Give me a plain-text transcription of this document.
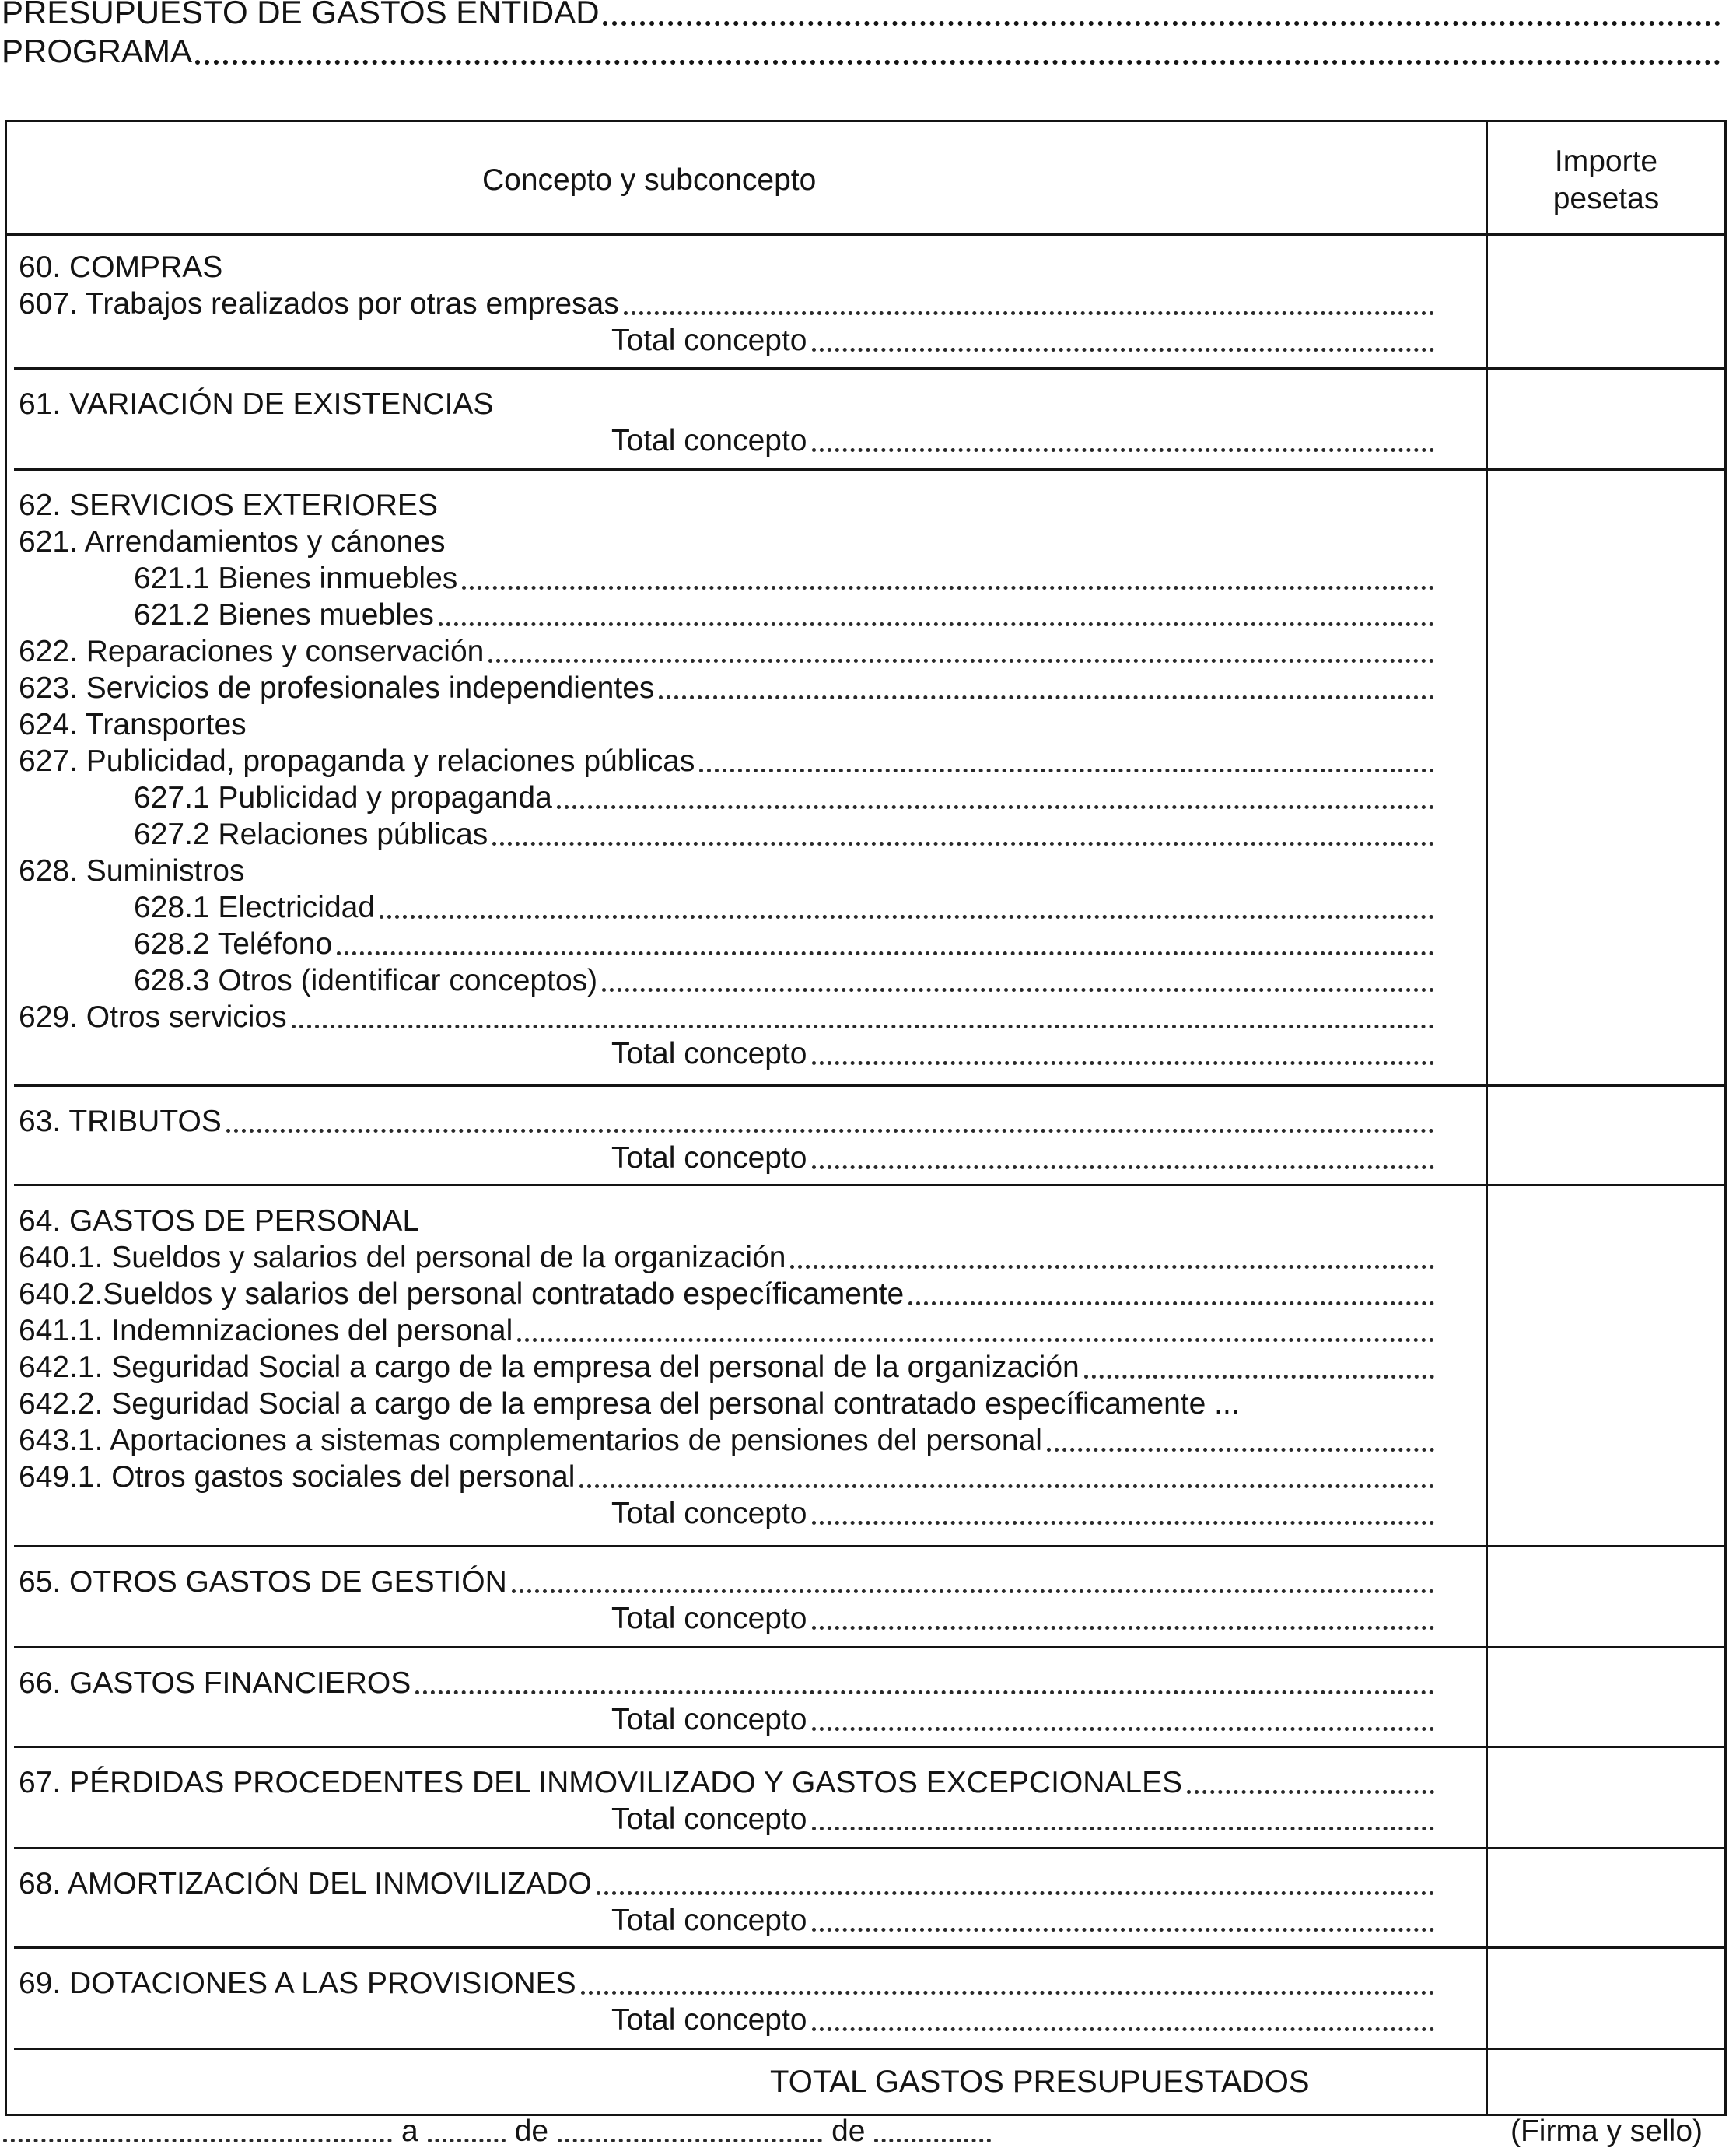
PRESUPUESTO DE GASTOS ENTIDAD
PROGRAMA
Concepto y subconcepto
Importe
pesetas
60. COMPRAS
607. Trabajos realizados por otras empresas
Total concepto
61. VARIACIÓN DE EXISTENCIAS
Total concepto
62. SERVICIOS EXTERIORES
621. Arrendamientos y cánones
621.1 Bienes inmuebles
621.2 Bienes muebles
622. Reparaciones y conservación
623. Servicios de profesionales independientes
624. Transportes
627. Publicidad, propaganda y relaciones públicas
627.1 Publicidad y propaganda
627.2 Relaciones públicas
628. Suministros
628.1 Electricidad
628.2 Teléfono
628.3 Otros (identificar conceptos)
629. Otros servicios
Total concepto
63. TRIBUTOS
Total concepto
64. GASTOS DE PERSONAL
640.1. Sueldos y salarios del personal de la organización
640.2.Sueldos y salarios del personal contratado específicamente
641.1. Indemnizaciones del personal
642.1. Seguridad Social a cargo de la empresa del personal de la organización
642.2. Seguridad Social a cargo de la empresa del personal contratado específicamente ...
643.1. Aportaciones a sistemas complementarios de pensiones del personal
649.1. Otros gastos sociales del personal
Total concepto
65. OTROS GASTOS DE GESTIÓN
Total concepto
66. GASTOS FINANCIEROS
Total concepto
67. PÉRDIDAS PROCEDENTES DEL INMOVILIZADO Y GASTOS EXCEPCIONALES
Total concepto
68. AMORTIZACIÓN DEL INMOVILIZADO
Total concepto
69. DOTACIONES A LAS PROVISIONES
Total concepto
TOTAL GASTOS PRESUPUESTADOS
a	de	de	(Firma y sello)
